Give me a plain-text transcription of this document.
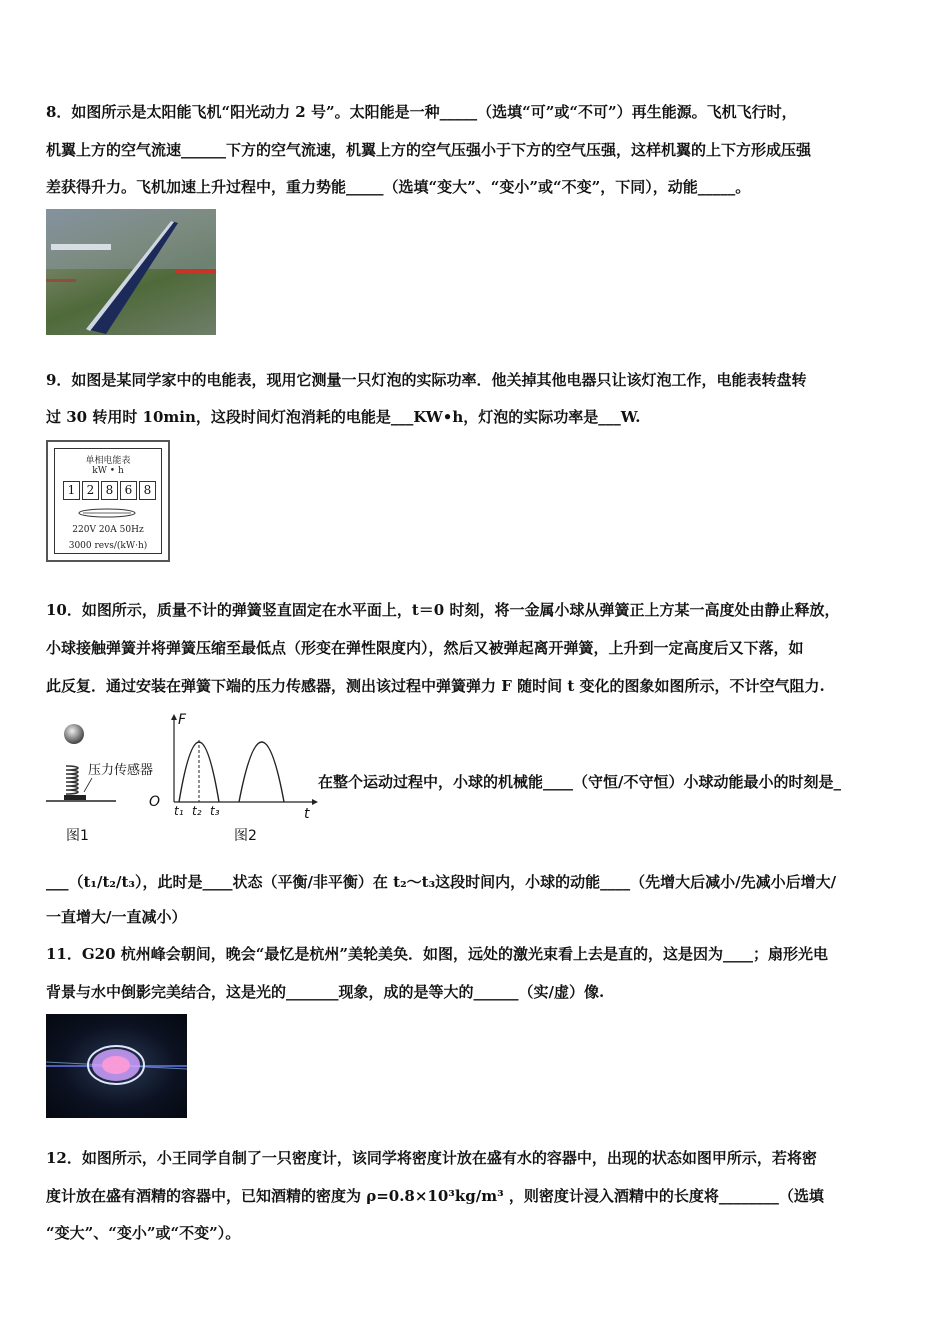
8．如图所示是太阳能飞机“阳光动力 2 号”。太阳能是一种_____（选填“可”或“不可”）再生能源。飞机飞行时，
机翼上方的空气流速______下方的空气流速，机翼上方的空气压强小于下方的空气压强，这样机翼的上下方形成压强
差获得升力。飞机加速上升过程中，重力势能_____（选填“变大”、“变小”或“不变”，下同），动能_____。
9．如图是某同学家中的电能表，现用它测量一只灯泡的实际功率．他关掉其他电器只让该灯泡工作，电能表转盘转
过 30 转用时 10min，这段时间灯泡消耗的电能是___KW•h，灯泡的实际功率是___W.
单相电能表
kW • h
1 2 8 6 8
220V 20A 50Hz
3000 revs/(kW·h)
10．如图所示，质量不计的弹簧竖直固定在水平面上，t＝0 时刻，将一金属小球从弹簧正上方某一高度处由静止释放，
小球接触弹簧并将弹簧压缩至最低点（形变在弹性限度内），然后又被弹起离开弹簧，上升到一定高度后又下落，如
此反复．通过安装在弹簧下端的压力传感器，测出该过程中弹簧弹力 F 随时间 t 变化的图象如图所示，不计空气阻力.
压力传感器
图1
F
O
t
t₁ t₂ t₃
图2
在整个运动过程中，小球的机械能____（守恒/不守恒）小球动能最小的时刻是_
___（t₁/t₂/t₃），此时是____状态（平衡/非平衡）在 t₂～t₃这段时间内，小球的动能____（先增大后减小/先减小后增大/
一直增大/一直减小）
11．G20 杭州峰会朝间，晚会“最忆是杭州”美轮美奂．如图，远处的激光束看上去是直的，这是因为____；扇形光电
背景与水中倒影完美结合，这是光的_______现象，成的是等大的______（实/虚）像.
12．如图所示，小王同学自制了一只密度计，该同学将密度计放在盛有水的容器中，出现的状态如图甲所示，若将密
度计放在盛有酒精的容器中，已知酒精的密度为 ρ=0.8×10³kg/m³ ，则密度计浸入酒精中的长度将________（选填
“变大”、“变小”或“不变”）。
